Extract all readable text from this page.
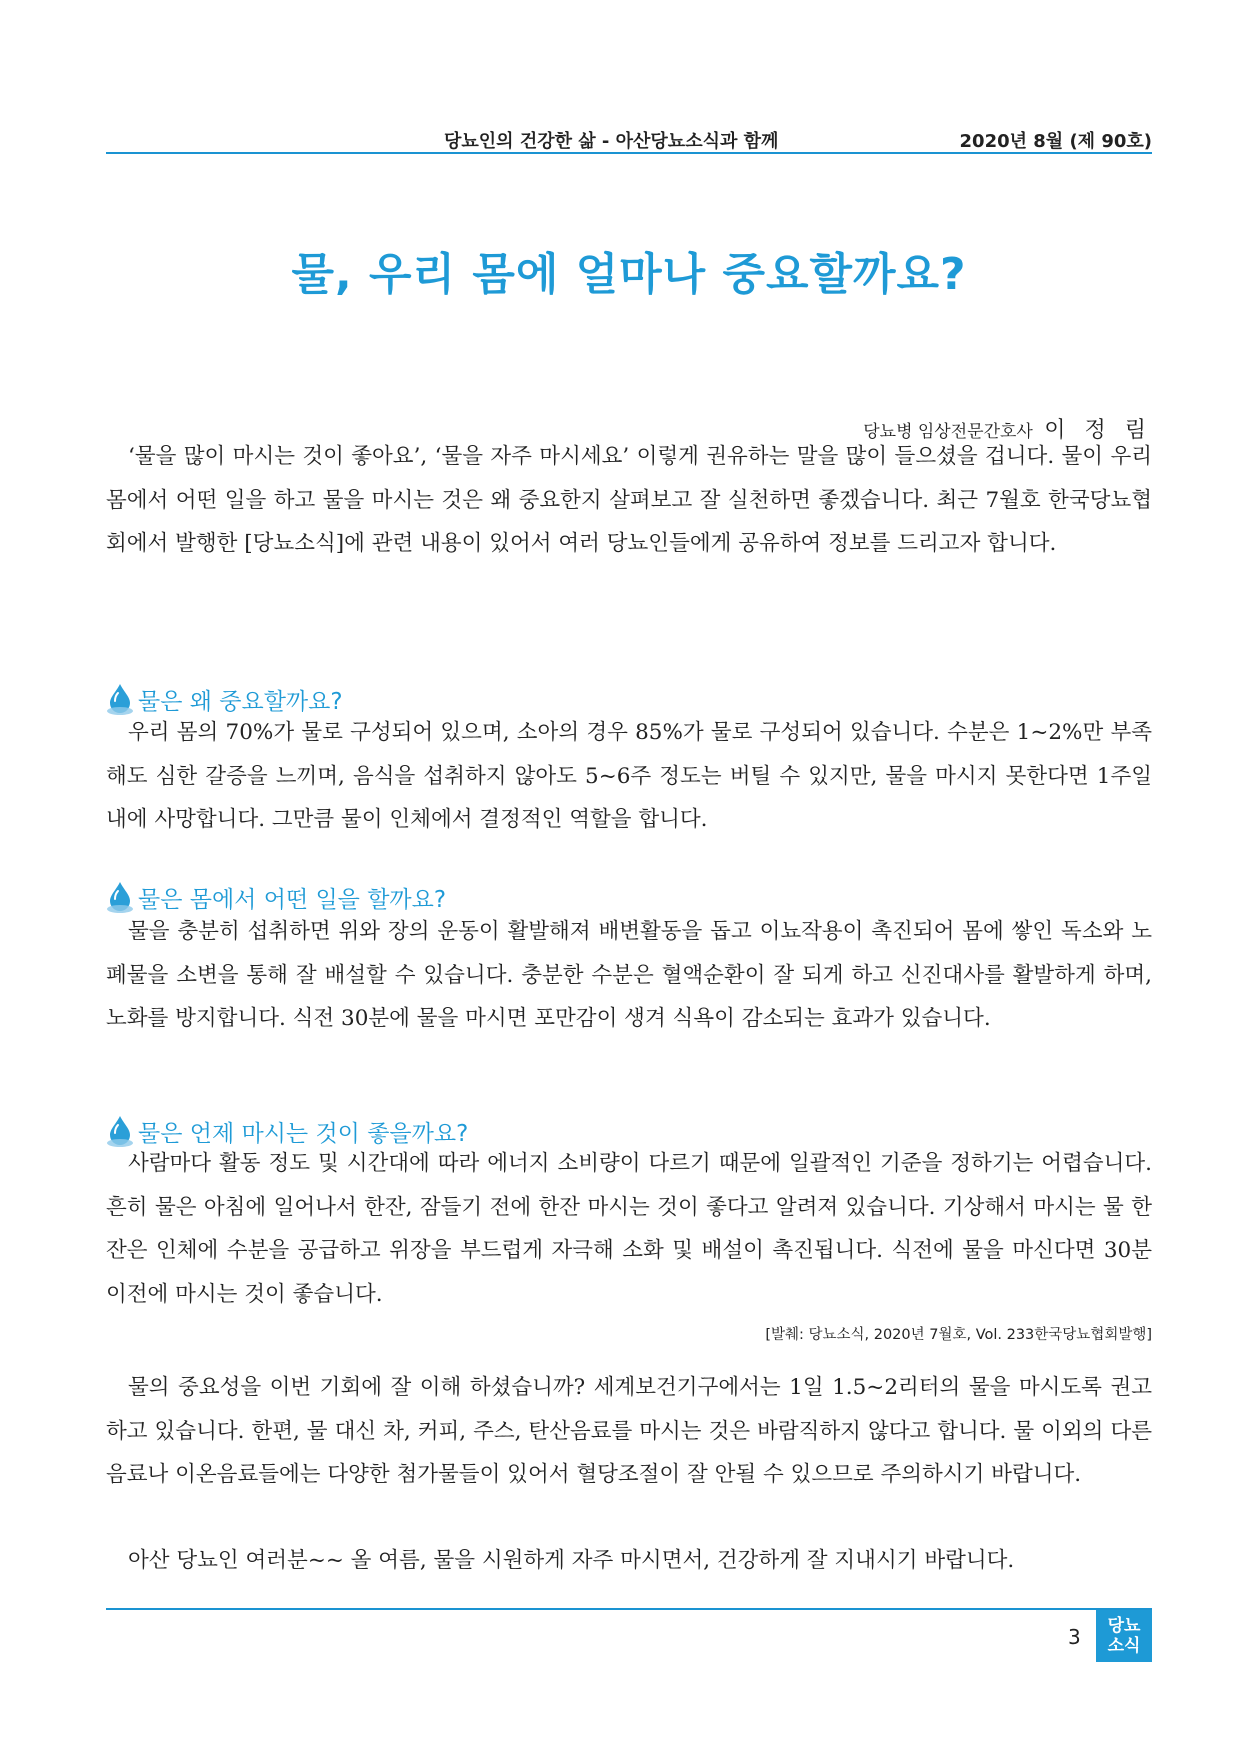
당뇨인의 건강한 삶 - 아산당뇨소식과 함께	2020년 8월 (제 90호)
물, 우리 몸에 얼마나 중요할까요?
당뇨병 임상전문간호사 이 정 림

‘물을 많이 마시는 것이 좋아요’, ‘물을 자주 마시세요’ 이렇게 권유하는 말을 많이 들으셨을 겁니다. 물이 우리 몸에서 어떤 일을 하고 물을 마시는 것은 왜 중요한지 살펴보고 잘 실천하면 좋겠습니다. 최근 7월호 한국당뇨협회에서 발행한 [당뇨소식]에 관련 내용이 있어서 여러 당뇨인들에게 공유하여 정보를 드리고자 합니다.

물은 왜 중요할까요?

우리 몸의 70%가 물로 구성되어 있으며, 소아의 경우 85%가 물로 구성되어 있습니다. 수분은 1~2%만 부족해도 심한 갈증을 느끼며, 음식을 섭취하지 않아도 5~6주 정도는 버틸 수 있지만, 물을 마시지 못한다면 1주일 내에 사망합니다. 그만큼 물이 인체에서 결정적인 역할을 합니다.

물은 몸에서 어떤 일을 할까요?

물을 충분히 섭취하면 위와 장의 운동이 활발해져 배변활동을 돕고 이뇨작용이 촉진되어 몸에 쌓인 독소와 노폐물을 소변을 통해 잘 배설할 수 있습니다. 충분한 수분은 혈액순환이 잘 되게 하고 신진대사를 활발하게 하며, 노화를 방지합니다. 식전 30분에 물을 마시면 포만감이 생겨 식욕이 감소되는 효과가 있습니다.

물은 언제 마시는 것이 좋을까요?

사람마다 활동 정도 및 시간대에 따라 에너지 소비량이 다르기 때문에 일괄적인 기준을 정하기는 어렵습니다. 흔히 물은 아침에 일어나서 한잔, 잠들기 전에 한잔 마시는 것이 좋다고 알려져 있습니다. 기상해서 마시는 물 한잔은 인체에 수분을 공급하고 위장을 부드럽게 자극해 소화 및 배설이 촉진됩니다. 식전에 물을 마신다면 30분 이전에 마시는 것이 좋습니다.

[발췌: 당뇨소식, 2020년 7월호, Vol. 233한국당뇨협회발행]

물의 중요성을 이번 기회에 잘 이해 하셨습니까? 세계보건기구에서는 1일 1.5~2리터의 물을 마시도록 권고하고 있습니다. 한편, 물 대신 차, 커피, 주스, 탄산음료를 마시는 것은 바람직하지 않다고 합니다. 물 이외의 다른 음료나 이온음료들에는 다양한 첨가물들이 있어서 혈당조절이 잘 안될 수 있으므로 주의하시기 바랍니다.

아산 당뇨인 여러분~~ 올 여름, 물을 시원하게 자주 마시면서, 건강하게 잘 지내시기 바랍니다.

3	당뇨
소식
